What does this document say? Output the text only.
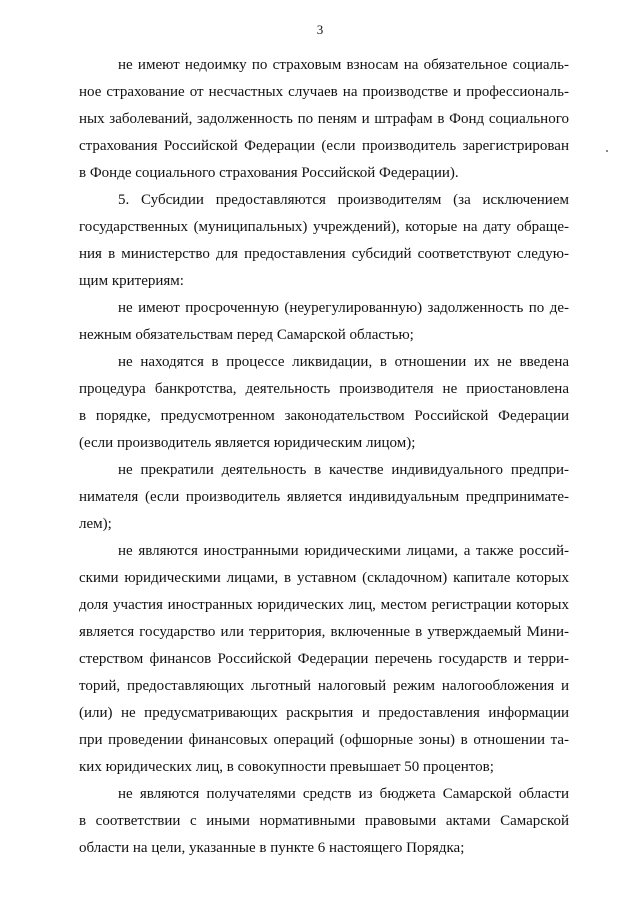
3
не имеют недоимку по страховым взносам на обязательное социаль-
ное страхование от несчастных случаев на производстве и профессиональ-
ных заболеваний, задолженность по пеням и штрафам в Фонд социального
страхования Российской Федерации (если производитель зарегистрирован
в Фонде социального страхования Российской Федерации).
5. Субсидии предоставляются производителям (за исключением
государственных (муниципальных) учреждений), которые на дату обраще-
ния в министерство для предоставления субсидий соответствуют следую-
щим критериям:
не имеют просроченную (неурегулированную) задолженность по де-
нежным обязательствам перед Самарской областью;
не находятся в процессе ликвидации, в отношении их не введена
процедура банкротства, деятельность производителя не приостановлена
в порядке, предусмотренном законодательством Российской Федерации
(если производитель является юридическим лицом);
не прекратили деятельность в качестве индивидуального предпри-
нимателя (если производитель является индивидуальным предпринимате-
лем);
не являются иностранными юридическими лицами, а также россий-
скими юридическими лицами, в уставном (складочном) капитале которых
доля участия иностранных юридических лиц, местом регистрации которых
является государство или территория, включенные в утверждаемый Мини-
стерством финансов Российской Федерации перечень государств и терри-
торий, предоставляющих льготный налоговый режим налогообложения и
(или) не предусматривающих раскрытия и предоставления информации
при проведении финансовых операций (офшорные зоны) в отношении та-
ких юридических лиц, в совокупности превышает 50 процентов;
не являются получателями средств из бюджета Самарской области
в соответствии с иными нормативными правовыми актами Самарской
области на цели, указанные в пункте 6 настоящего Порядка;
